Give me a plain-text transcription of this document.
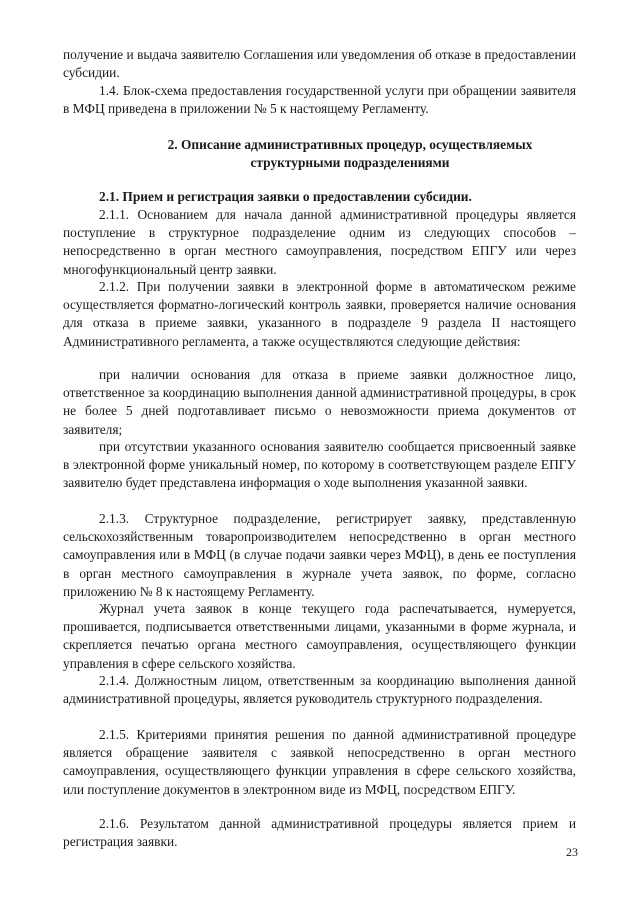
получение и выдача заявителю Соглашения или уведомления об отказе в предоставлении субсидии.

1.4. Блок-схема предоставления государственной услуги при обращении заявителя в МФЦ приведена в приложении № 5 к настоящему Регламенту.

2. Описание административных процедур, осуществляемых структурными подразделениями

2.1. Прием и регистрация заявки о предоставлении субсидии.

2.1.1. Основанием для начала данной административной процедуры является поступление в структурное подразделение одним из следующих способов – непосредственно в орган местного самоуправления, посредством ЕПГУ или через многофункциональный центр заявки.

2.1.2. При получении заявки в электронной форме в автоматическом режиме осуществляется форматно-логический контроль заявки, проверяется наличие основания для отказа в приеме заявки, указанного в подразделе 9 раздела II настоящего Административного регламента, а также осуществляются следующие действия:

при наличии основания для отказа в приеме заявки должностное лицо, ответственное за координацию выполнения данной административной процедуры, в срок не более 5 дней подготавливает письмо о невозможности приема документов от заявителя;

при отсутствии указанного основания заявителю сообщается присвоенный заявке в электронной форме уникальный номер, по которому в соответствующем разделе ЕПГУ заявителю будет представлена информация о ходе выполнения указанной заявки.

2.1.3. Структурное подразделение, регистрирует заявку, представленную сельскохозяйственным товаропроизводителем непосредственно в орган местного самоуправления или в МФЦ (в случае подачи заявки через МФЦ), в день ее поступления в орган местного самоуправления в журнале учета заявок, по форме, согласно приложению № 8 к настоящему Регламенту.

Журнал учета заявок в конце текущего года распечатывается, нумеруется, прошивается, подписывается ответственными лицами, указанными в форме журнала, и скрепляется печатью органа местного самоуправления, осуществляющего функции управления в сфере сельского хозяйства.

2.1.4. Должностным лицом, ответственным за координацию выполнения данной административной процедуры, является руководитель структурного подразделения.

2.1.5. Критериями принятия решения по данной административной процедуре является обращение заявителя с заявкой непосредственно в орган местного самоуправления, осуществляющего функции управления в сфере сельского хозяйства, или поступление документов в электронном виде из МФЦ, посредством ЕПГУ.

2.1.6. Результатом данной административной процедуры является прием и регистрация заявки.

23
